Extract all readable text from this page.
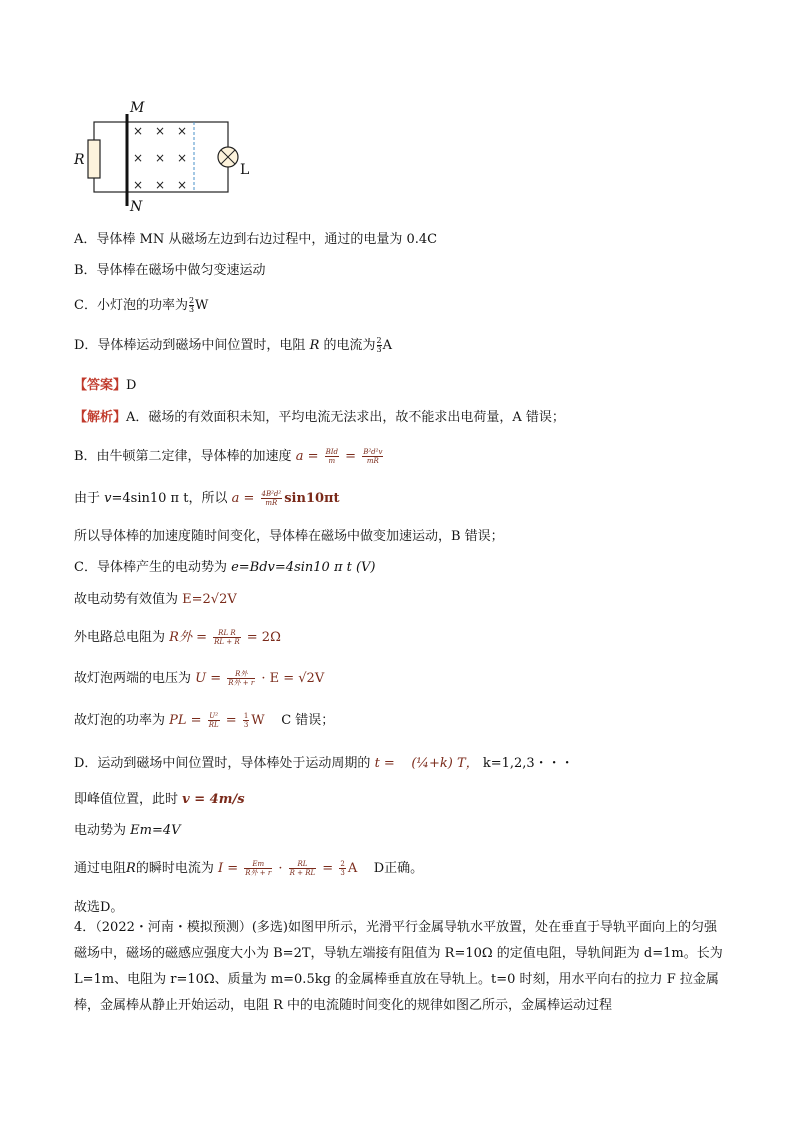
× × ×
× × ×
× × ×
M
N
R
L
A．导体棒 MN 从磁场左边到右边过程中，通过的电量为 0.4C
B．导体棒在磁场中做匀变速运动
C．小灯泡的功率为 $\frac{2}{3}$ W
D．导体棒运动到磁场中间位置时，电阻 R 的电流为 $\frac{2}{3}$ A
【答案】D
【解析】A．磁场的有效面积未知，平均电流无法求出，故不能求出电荷量，A 错误；
B．由牛顿第二定律，导体棒的加速度 $a = \frac{\text{BId}}{m} = \frac{\text{B²d²v}}{mR}$
由于 v=4sin10 π t，所以 $a = \frac{\text{4B²d²}}{mR} \sin 10\pi t$
所以导体棒的加速度随时间变化，导体棒在磁场中做变加速运动，B 错误；
C．导体棒产生的电动势为 e=Bdv=4sin10 π t (V)
故电动势有效值为 E=2√2V
外电路总电阻为 R外 = $\frac{\text{RL R}}{RL + R} = 2\Omega$
故灯泡两端的电压为 $U = \frac{\text{R外}}{\text{R外 + r}} \cdot E = √2V$
故灯泡的功率为 PL = $\frac{\text{U²}}{RL} = \frac{1}{3}$ W C 错误；
D．运动到磁场中间位置时，导体棒处于运动周期的 t = (¼+k) T， k=1,2,3・・・
即峰值位置，此时 v = 4m/s
电动势为 Em=4V
通过电阻R的瞬时电流为 $I = \frac{Em}{\text{R外 + r}} \cdot \frac{RL}{R + RL} = \frac{2}{3}$ A D正确。
故选D。
4．（2022・河南・模拟预测）(多选)如图甲所示，光滑平行金属导轨水平放置，处在垂直于导轨平面向上的匀强磁场中，磁场的磁感应强度大小为 B=2T，导轨左端接有阻值为 R=10Ω 的定值电阻，导轨间距为 d=1m。长为 L=1m、电阻为 r=10Ω、质量为 m=0.5kg 的金属棒垂直放在导轨上。t=0 时刻，用水平向右的拉力 F 拉金属棒，金属棒从静止开始运动，电阻 R 中的电流随时间变化的规律如图乙所示，金属棒运动过程
